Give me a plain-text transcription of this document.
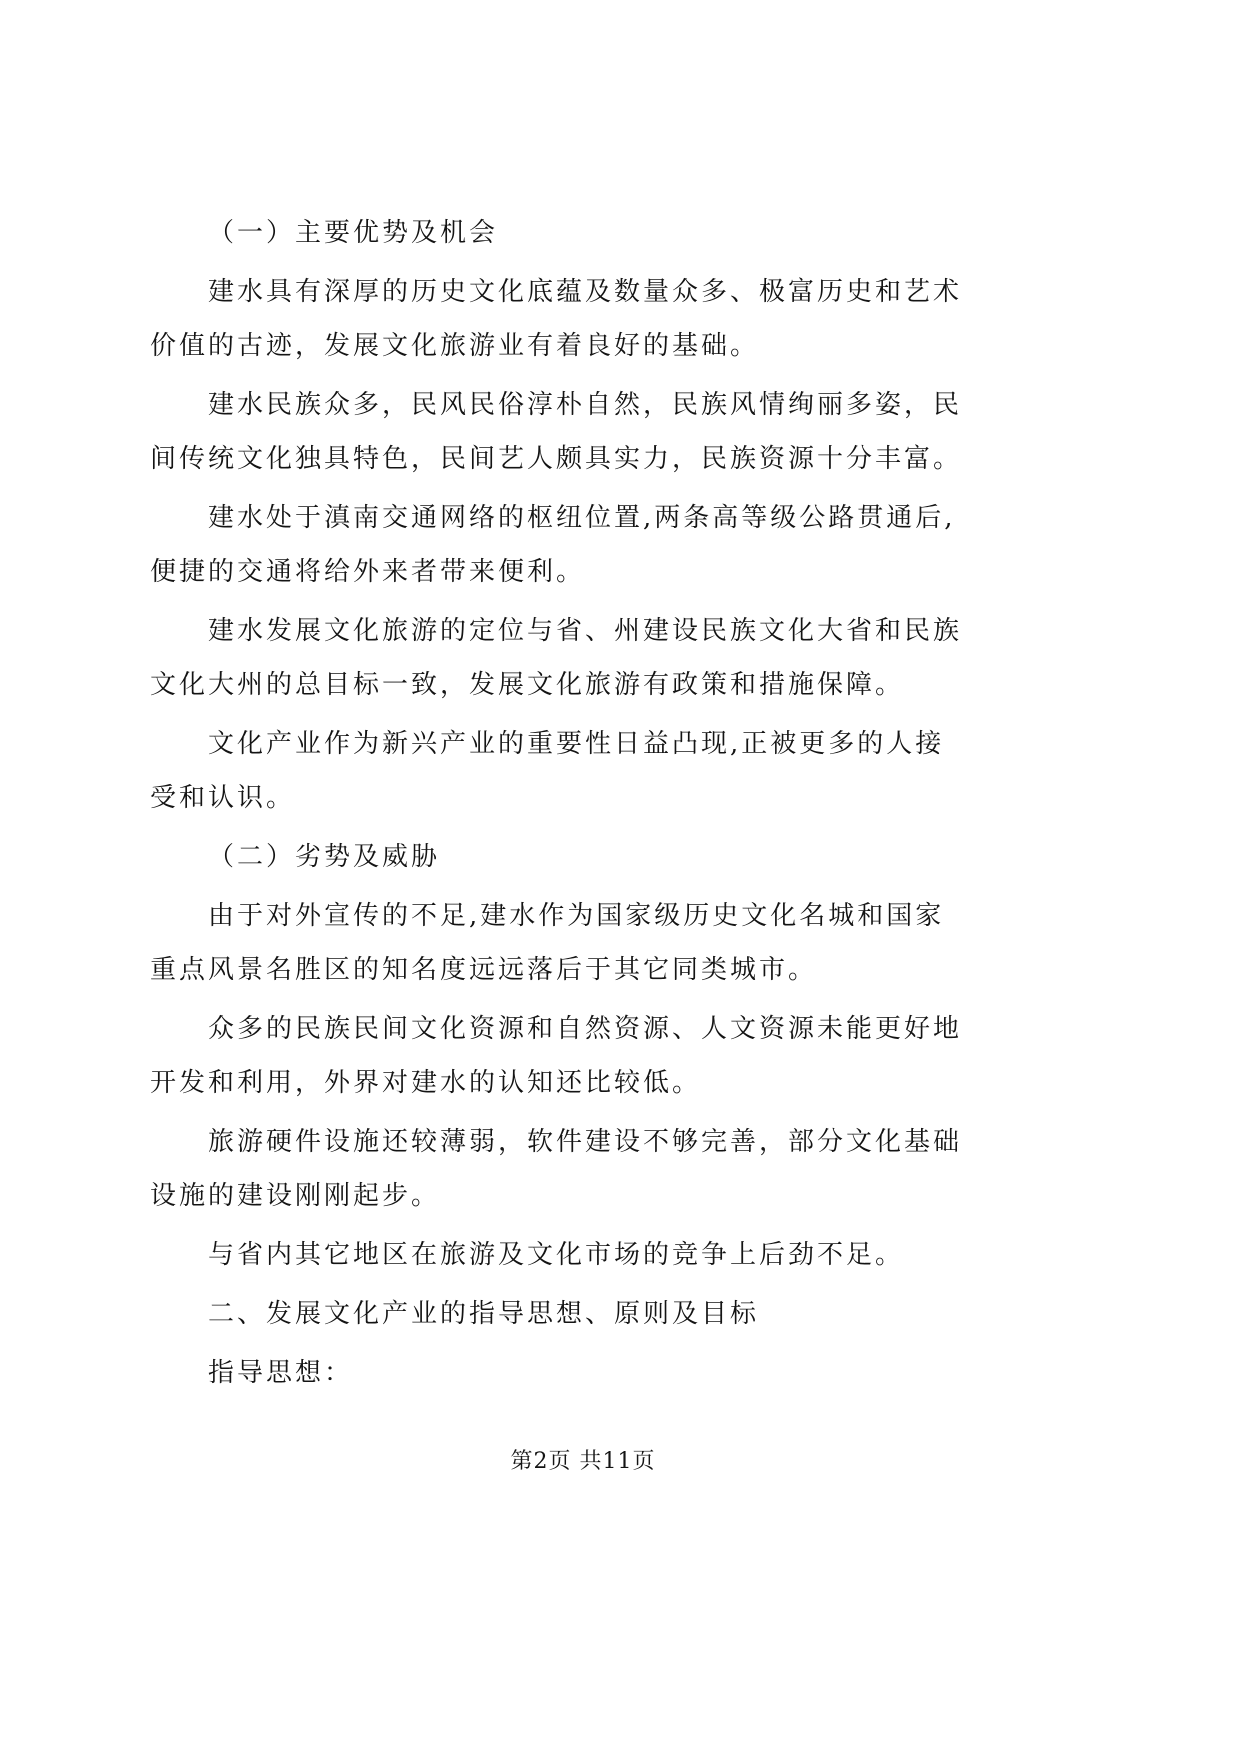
（一）主要优势及机会
建水具有深厚的历史文化底蕴及数量众多、极富历史和艺术
价值的古迹，发展文化旅游业有着良好的基础。
建水民族众多，民风民俗淳朴自然，民族风情绚丽多姿，民
间传统文化独具特色，民间艺人颇具实力，民族资源十分丰富。
建水处于滇南交通网络的枢纽位置,两条高等级公路贯通后,
便捷的交通将给外来者带来便利。
建水发展文化旅游的定位与省、州建设民族文化大省和民族
文化大州的总目标一致，发展文化旅游有政策和措施保障。
文化产业作为新兴产业的重要性日益凸现,正被更多的人接
受和认识。
（二）劣势及威胁
由于对外宣传的不足,建水作为国家级历史文化名城和国家
重点风景名胜区的知名度远远落后于其它同类城市。
众多的民族民间文化资源和自然资源、人文资源未能更好地
开发和利用，外界对建水的认知还比较低。
旅游硬件设施还较薄弱，软件建设不够完善，部分文化基础
设施的建设刚刚起步。
与省内其它地区在旅游及文化市场的竞争上后劲不足。
二、发展文化产业的指导思想、原则及目标
指导思想：
第2页 共11页
